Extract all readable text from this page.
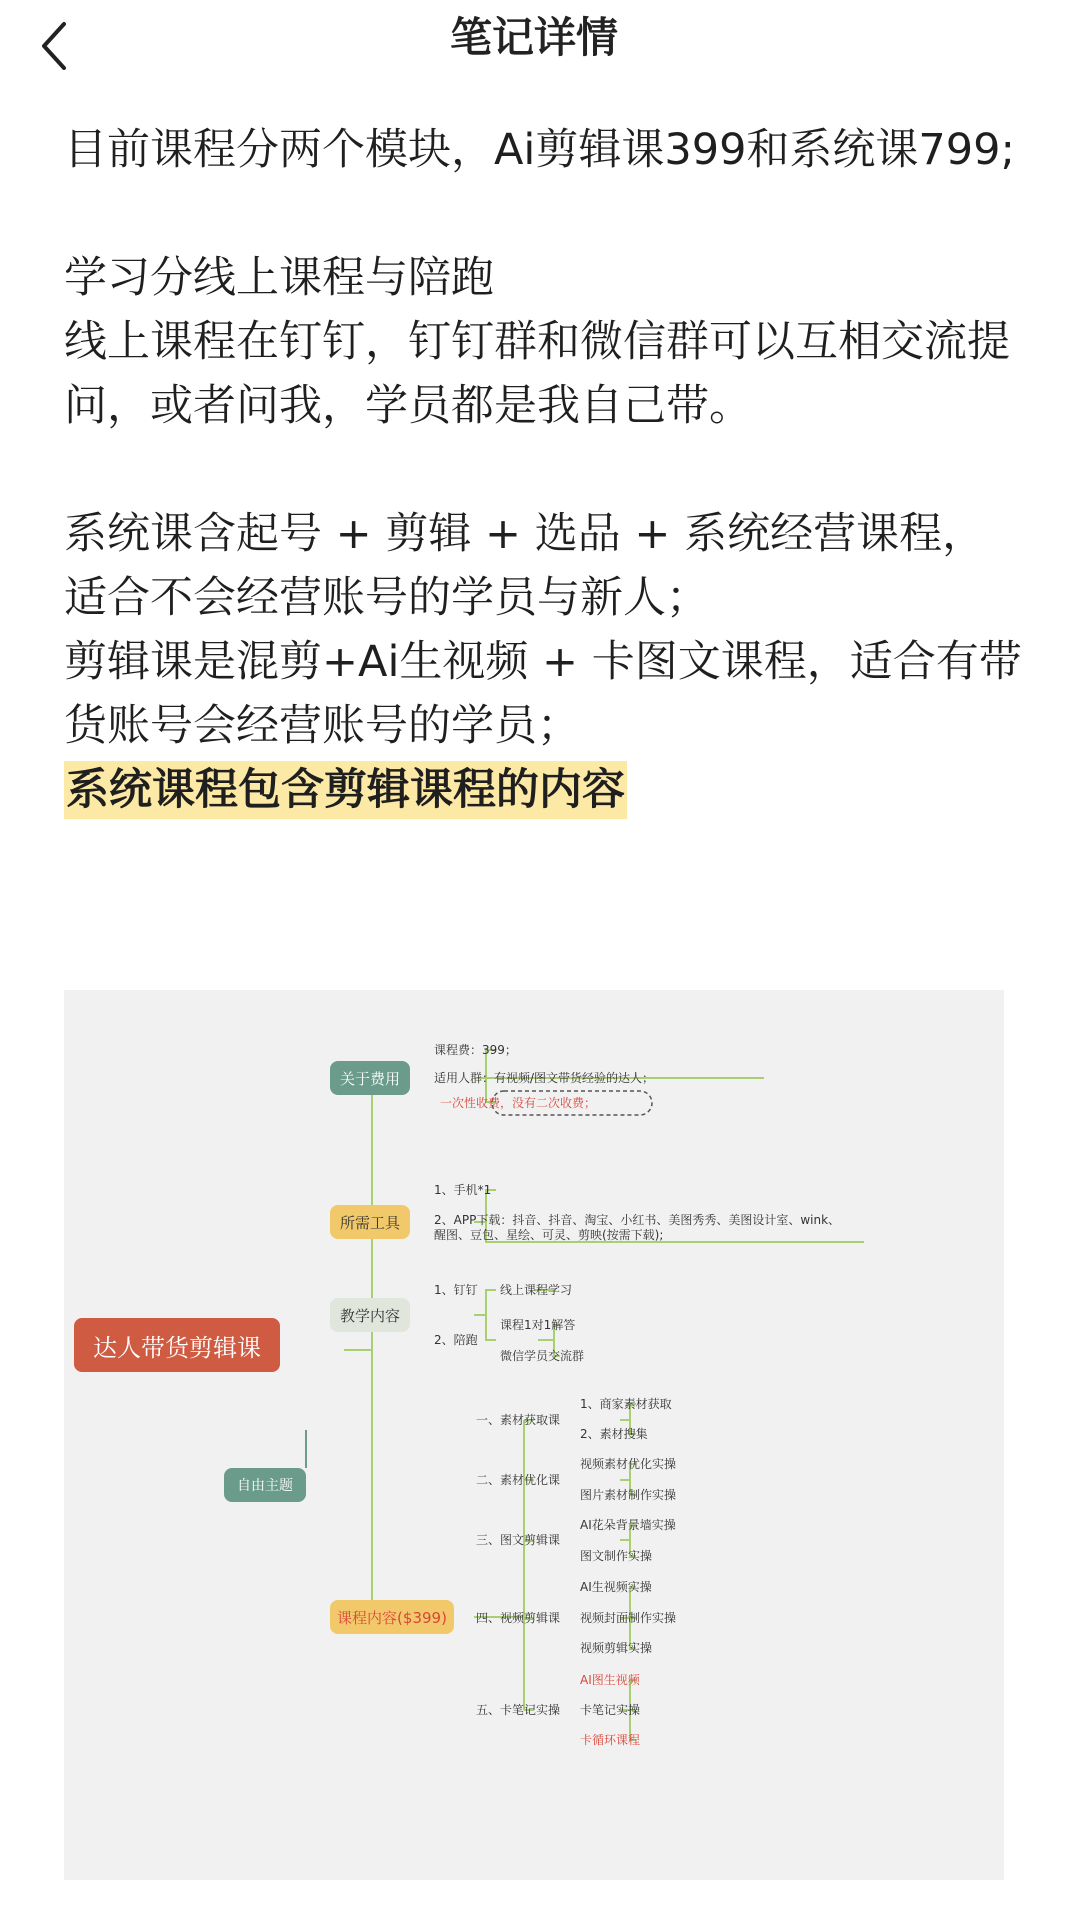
笔记详情

目前课程分两个模块，Ai剪辑课399和系统课799;

学习分线上课程与陪跑

线上课程在钉钉，钉钉群和微信群可以互相交流提问，或者问我，学员都是我自己带。

系统课含起号 + 剪辑 + 选品 + 系统经营课程，适合不会经营账号的学员与新人；

剪辑课是混剪+Ai生视频 + 卡图文课程，适合有带货账号会经营账号的学员；

系统课程包含剪辑课程的内容

达人带货剪辑课
自由主题
关于费用
所需工具
教学内容
课程内容($399)
课程费：399；
适用人群：有视频/图文带货经验的达人；
一次性收费，没有二次收费；
1、手机*1
2、APP下载：抖音、抖音、淘宝、小红书、美图秀秀、美图设计室、wink、
醒图、豆包、星绘、可灵、剪映(按需下载);
1、钉钉 线上课程学习
2、陪跑
课程1对1解答
微信学员交流群
一、素材获取课
1、商家素材获取
2、素材搜集
二、素材优化课
视频素材优化实操
图片素材制作实操
三、图文剪辑课
AI花朵背景墙实操
图文制作实操
四、视频剪辑课
AI生视频实操
视频封面制作实操
视频剪辑实操
五、卡笔记实操
AI图生视频
卡笔记实操
卡循环课程
